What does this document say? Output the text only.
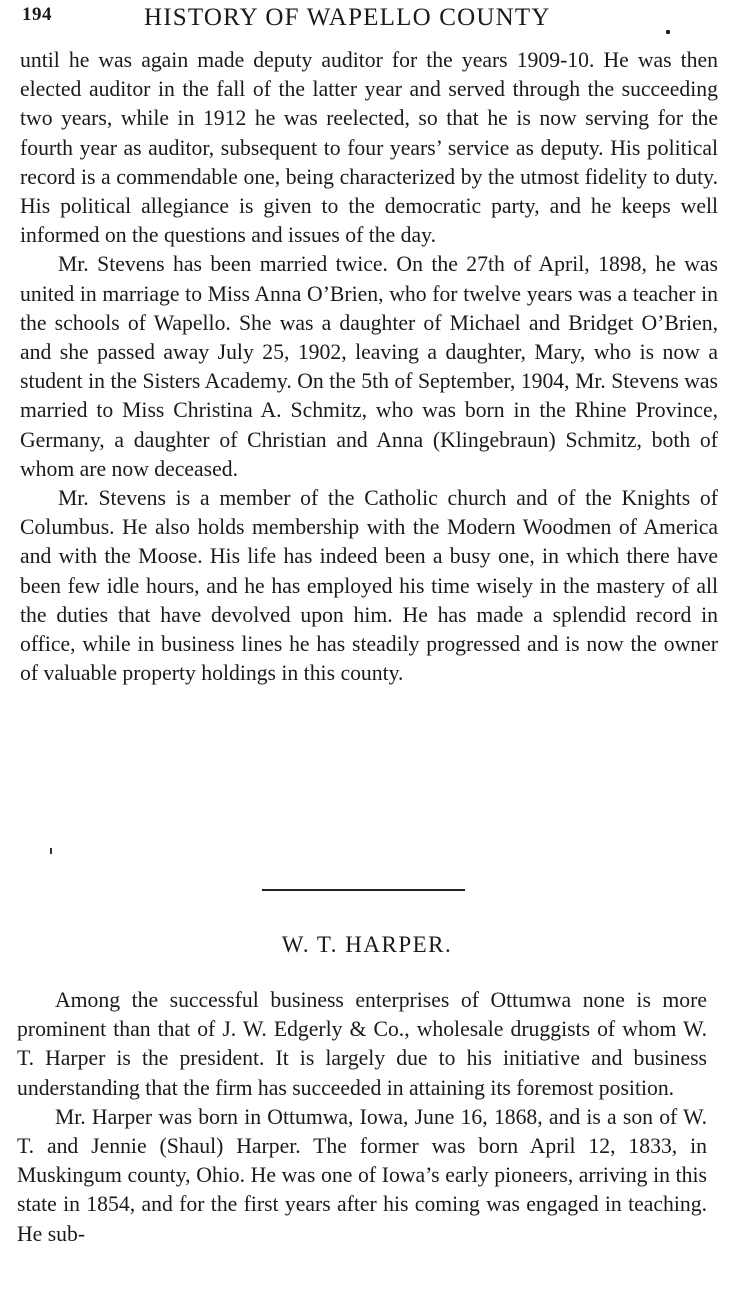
194	HISTORY OF WAPELLO COUNTY

until he was again made deputy auditor for the years 1909-10. He was then elected auditor in the fall of the latter year and served through the succeeding two years, while in 1912 he was reelected, so that he is now serving for the fourth year as auditor, subsequent to four years’ service as deputy. His political record is a commendable one, being characterized by the utmost fidelity to duty. His political allegiance is given to the democratic party, and he keeps well informed on the questions and issues of the day.

Mr. Stevens has been married twice. On the 27th of April, 1898, he was united in marriage to Miss Anna O’Brien, who for twelve years was a teacher in the schools of Wapello. She was a daughter of Michael and Bridget O’Brien, and she passed away July 25, 1902, leaving a daughter, Mary, who is now a student in the Sisters Academy. On the 5th of September, 1904, Mr. Stevens was married to Miss Christina A. Schmitz, who was born in the Rhine Province, Germany, a daughter of Christian and Anna (Klingebraun) Schmitz, both of whom are now deceased.

Mr. Stevens is a member of the Catholic church and of the Knights of Columbus. He also holds membership with the Modern Woodmen of America and with the Moose. His life has indeed been a busy one, in which there have been few idle hours, and he has employed his time wisely in the mastery of all the duties that have devolved upon him. He has made a splendid record in office, while in business lines he has steadily progressed and is now the owner of valuable property holdings in this county.

W. T. HARPER.

Among the successful business enterprises of Ottumwa none is more prominent than that of J. W. Edgerly & Co., wholesale druggists of whom W. T. Harper is the president. It is largely due to his initiative and business understanding that the firm has succeeded in attaining its foremost position.

Mr. Harper was born in Ottumwa, Iowa, June 16, 1868, and is a son of W. T. and Jennie (Shaul) Harper. The former was born April 12, 1833, in Muskingum county, Ohio. He was one of Iowa’s early pioneers, arriving in this state in 1854, and for the first years after his coming was engaged in teaching. He sub-
